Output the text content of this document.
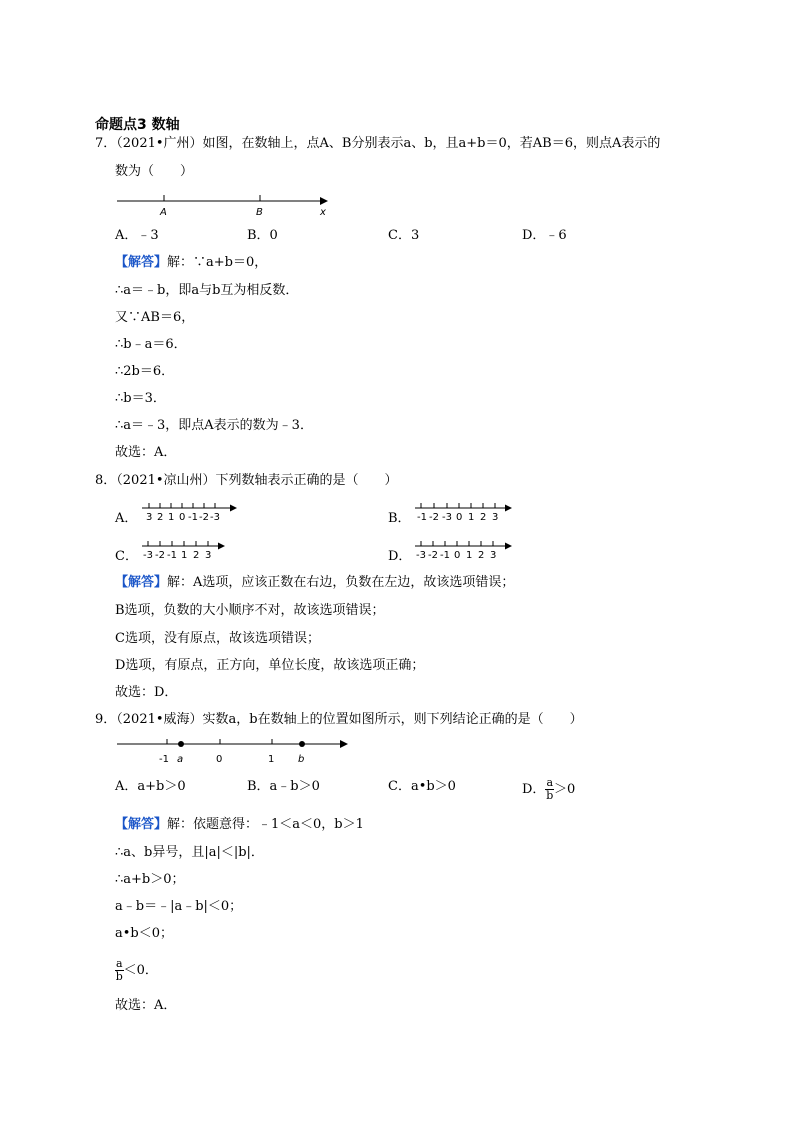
命题点3 数轴
7．（2021•广州）如图，在数轴上，点A、B分别表示a、b，且a+b＝0，若AB＝6，则点A表示的
数为（　　）
A	B	x
A．﹣3	B．0	C．3	D．﹣6
【解答】解：∵a+b＝0，
∴a＝﹣b，即a与b互为相反数．
又∵AB＝6，
∴b﹣a＝6．
∴2b＝6．
∴b＝3．
∴a＝﹣3，即点A表示的数为﹣3．
故选：A．
8．（2021•凉山州）下列数轴表示正确的是（　　）
A． 3 2 1 0 -1 -2 -3	B． -1 -2 -3 0 1 2 3
C． -3 -2 -1 1 2 3	D． -3 -2 -1 0 1 2 3
【解答】解：A选项，应该正数在右边，负数在左边，故该选项错误；
B选项，负数的大小顺序不对，故该选项错误；
C选项，没有原点，故该选项错误；
D选项，有原点，正方向，单位长度，故该选项正确；
故选：D．
9．（2021•威海）实数a，b在数轴上的位置如图所示，则下列结论正确的是（　　）
-1 a	0	1 b
A．a+b＞0	B．a﹣b＞0	C．a•b＞0	D． $\frac{a}{b} >0$
【解答】解：依题意得：﹣1＜a＜0，b＞1
∴a、b异号，且|a|＜|b|．
∴a+b＞0；
a﹣b＝﹣|a﹣b|＜0；
a•b＜0；
$\frac{a}{b} <0$．
故选：A．
